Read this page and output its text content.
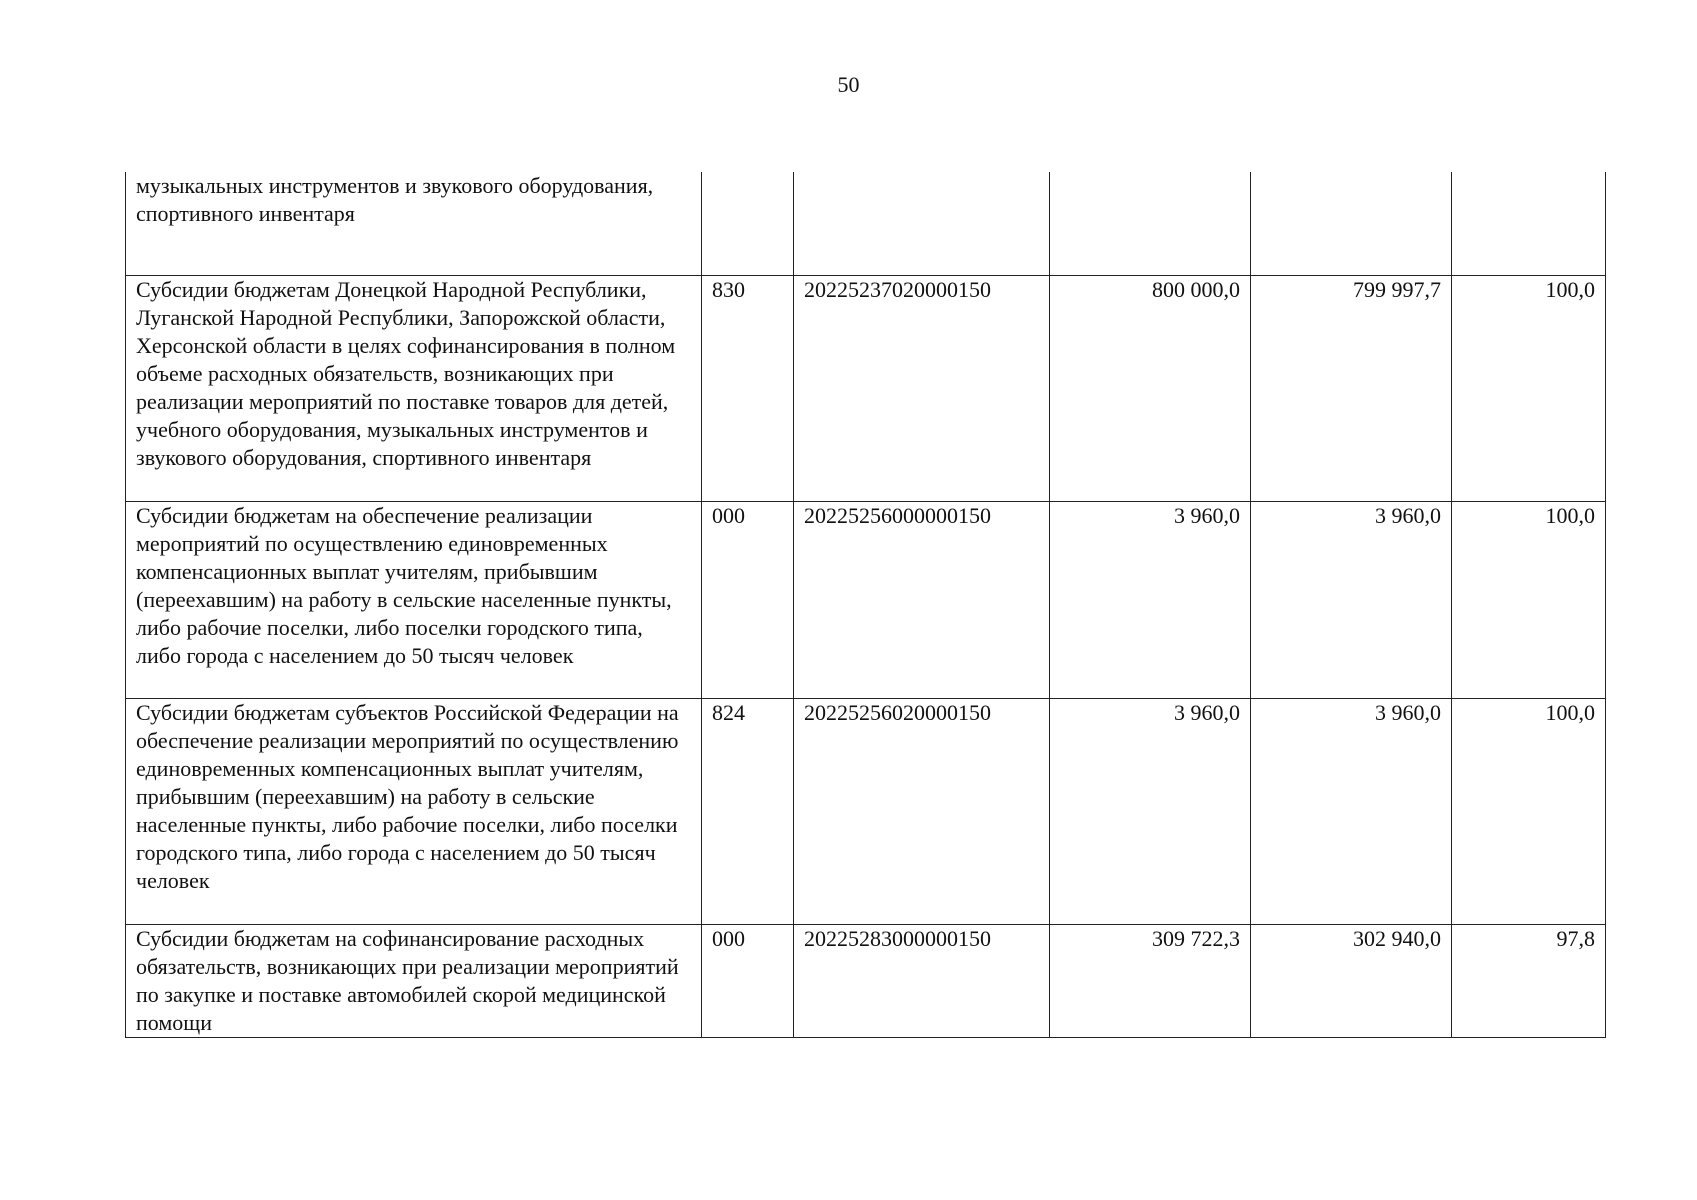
50
музыкальных инструментов и звукового оборудования, спортивного инвентаря					
Субсидии бюджетам Донецкой Народной Республики, Луганской Народной Республики, Запорожской области, Херсонской области в целях софинансирования в полном объеме расходных обязательств, возникающих при реализации мероприятий по поставке товаров для детей, учебного оборудования, музыкальных инструментов и звукового оборудования, спортивного инвентаря	830	20225237020000150	800 000,0	799 997,7	100,0
Субсидии бюджетам на обеспечение реализации мероприятий по осуществлению единовременных компенсационных выплат учителям, прибывшим (переехавшим) на работу в сельские населенные пункты, либо рабочие поселки, либо поселки городского типа, либо города с населением до 50 тысяч человек	000	20225256000000150	3 960,0	3 960,0	100,0
Субсидии бюджетам субъектов Российской Федерации на обеспечение реализации мероприятий по осуществлению единовременных компенсационных выплат учителям, прибывшим (переехавшим) на работу в сельские населенные пункты, либо рабочие поселки, либо поселки городского типа, либо города с населением до 50 тысяч человек	824	20225256020000150	3 960,0	3 960,0	100,0
Субсидии бюджетам на софинансирование расходных обязательств, возникающих при реализации мероприятий по закупке и поставке автомобилей скорой медицинской помощи	000	20225283000000150	309 722,3	302 940,0	97,8
